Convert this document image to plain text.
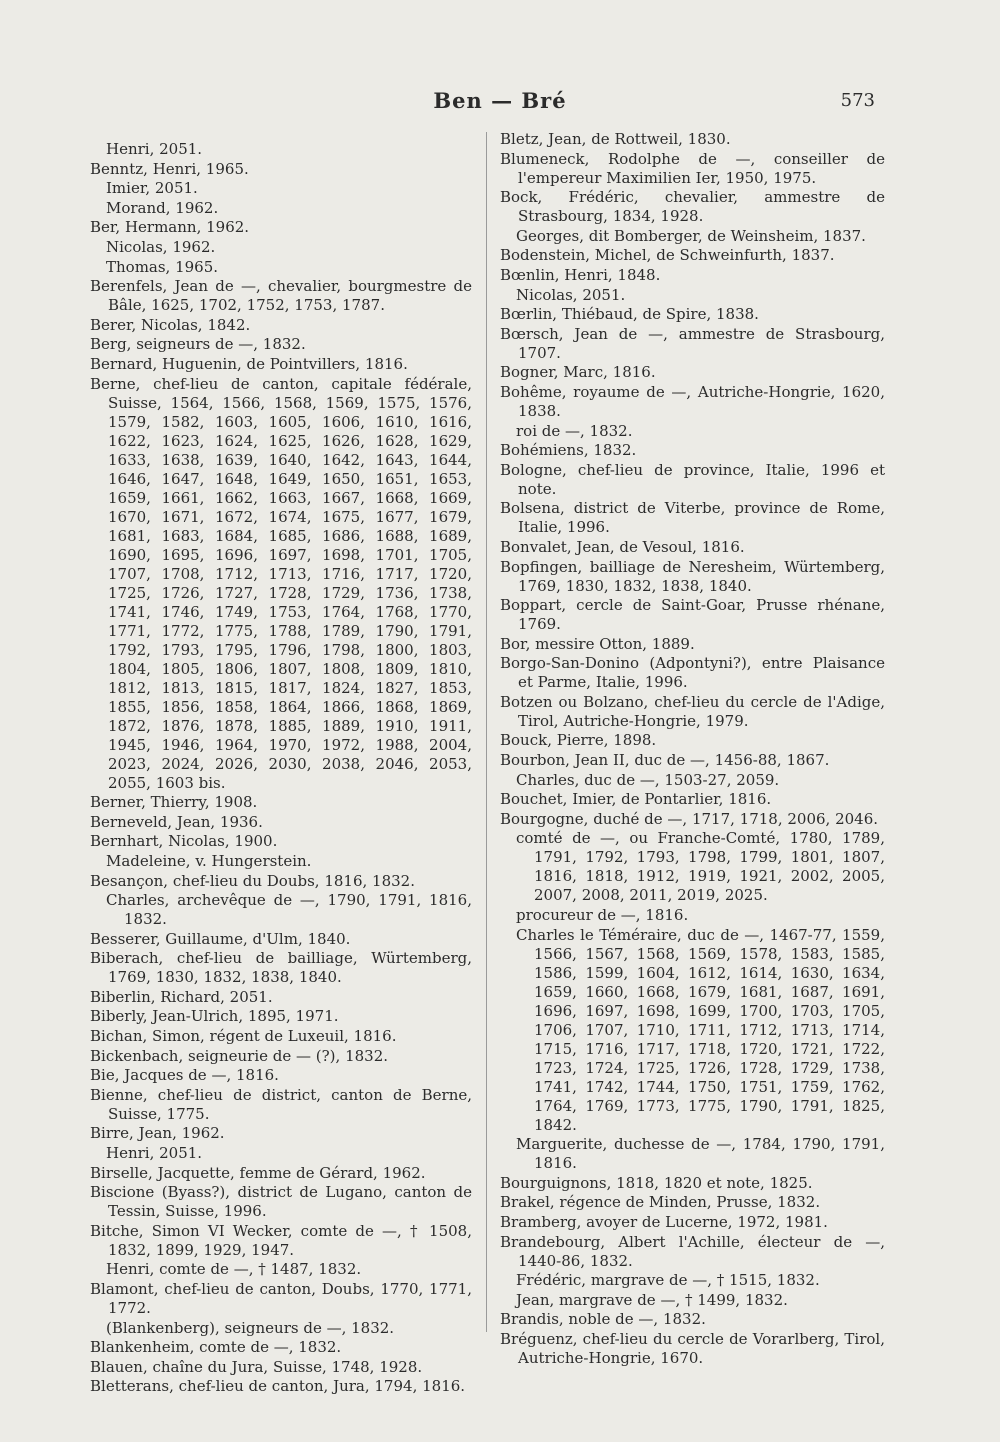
Ben — Bré	573
Henri, 2051.
Benntz, Henri, 1965.
Imier, 2051.
Morand, 1962.
Ber, Hermann, 1962.
Nicolas, 1962.
Thomas, 1965.
Berenfels, Jean de —, chevalier, bourgmestre de Bâle, 1625, 1702, 1752, 1753, 1787.
Berer, Nicolas, 1842.
Berg, seigneurs de —, 1832.
Bernard, Huguenin, de Pointvillers, 1816.
Berne, chef-lieu de canton, capitale fédérale, Suisse, 1564, 1566, 1568, 1569, 1575, 1576, 1579, 1582, 1603, 1605, 1606, 1610, 1616, 1622, 1623, 1624, 1625, 1626, 1628, 1629, 1633, 1638, 1639, 1640, 1642, 1643, 1644, 1646, 1647, 1648, 1649, 1650, 1651, 1653, 1659, 1661, 1662, 1663, 1667, 1668, 1669, 1670, 1671, 1672, 1674, 1675, 1677, 1679, 1681, 1683, 1684, 1685, 1686, 1688, 1689, 1690, 1695, 1696, 1697, 1698, 1701, 1705, 1707, 1708, 1712, 1713, 1716, 1717, 1720, 1725, 1726, 1727, 1728, 1729, 1736, 1738, 1741, 1746, 1749, 1753, 1764, 1768, 1770, 1771, 1772, 1775, 1788, 1789, 1790, 1791, 1792, 1793, 1795, 1796, 1798, 1800, 1803, 1804, 1805, 1806, 1807, 1808, 1809, 1810, 1812, 1813, 1815, 1817, 1824, 1827, 1853, 1855, 1856, 1858, 1864, 1866, 1868, 1869, 1872, 1876, 1878, 1885, 1889, 1910, 1911, 1945, 1946, 1964, 1970, 1972, 1988, 2004, 2023, 2024, 2026, 2030, 2038, 2046, 2053, 2055, 1603 bis.
Berner, Thierry, 1908.
Berneveld, Jean, 1936.
Bernhart, Nicolas, 1900.
Madeleine, v. Hungerstein.
Besançon, chef-lieu du Doubs, 1816, 1832.
Charles, archevêque de —, 1790, 1791, 1816, 1832.
Besserer, Guillaume, d'Ulm, 1840.
Biberach, chef-lieu de bailliage, Würtemberg, 1769, 1830, 1832, 1838, 1840.
Biberlin, Richard, 2051.
Biberly, Jean-Ulrich, 1895, 1971.
Bichan, Simon, régent de Luxeuil, 1816.
Bickenbach, seigneurie de — (?), 1832.
Bie, Jacques de —, 1816.
Bienne, chef-lieu de district, canton de Berne, Suisse, 1775.
Birre, Jean, 1962.
Henri, 2051.
Birselle, Jacquette, femme de Gérard, 1962.
Biscione (Byass?), district de Lugano, canton de Tessin, Suisse, 1996.
Bitche, Simon VI Wecker, comte de —, † 1508, 1832, 1899, 1929, 1947.
Henri, comte de —, † 1487, 1832.
Blamont, chef-lieu de canton, Doubs, 1770, 1771, 1772.
(Blankenberg), seigneurs de —, 1832.
Blankenheim, comte de —, 1832.
Blauen, chaîne du Jura, Suisse, 1748, 1928.
Bletterans, chef-lieu de canton, Jura, 1794, 1816.
Bletz, Jean, de Rottweil, 1830.
Blumeneck, Rodolphe de —, conseiller de l'empereur Maximilien Ier, 1950, 1975.
Bock, Frédéric, chevalier, ammestre de Strasbourg, 1834, 1928.
Georges, dit Bomberger, de Weinsheim, 1837.
Bodenstein, Michel, de Schweinfurth, 1837.
Bœnlin, Henri, 1848.
Nicolas, 2051.
Bœrlin, Thiébaud, de Spire, 1838.
Bœrsch, Jean de —, ammestre de Strasbourg, 1707.
Bogner, Marc, 1816.
Bohême, royaume de —, Autriche-Hongrie, 1620, 1838.
roi de —, 1832.
Bohémiens, 1832.
Bologne, chef-lieu de province, Italie, 1996 et note.
Bolsena, district de Viterbe, province de Rome, Italie, 1996.
Bonvalet, Jean, de Vesoul, 1816.
Bopfingen, bailliage de Neresheim, Würtemberg, 1769, 1830, 1832, 1838, 1840.
Boppart, cercle de Saint-Goar, Prusse rhénane, 1769.
Bor, messire Otton, 1889.
Borgo-San-Donino (Adpontyni?), entre Plaisance et Parme, Italie, 1996.
Botzen ou Bolzano, chef-lieu du cercle de l'Adige, Tirol, Autriche-Hongrie, 1979.
Bouck, Pierre, 1898.
Bourbon, Jean II, duc de —, 1456-88, 1867.
Charles, duc de —, 1503-27, 2059.
Bouchet, Imier, de Pontarlier, 1816.
Bourgogne, duché de —, 1717, 1718, 2006, 2046.
comté de —, ou Franche-Comté, 1780, 1789, 1791, 1792, 1793, 1798, 1799, 1801, 1807, 1816, 1818, 1912, 1919, 1921, 2002, 2005, 2007, 2008, 2011, 2019, 2025.
procureur de —, 1816.
Charles le Téméraire, duc de —, 1467-77, 1559, 1566, 1567, 1568, 1569, 1578, 1583, 1585, 1586, 1599, 1604, 1612, 1614, 1630, 1634, 1659, 1660, 1668, 1679, 1681, 1687, 1691, 1696, 1697, 1698, 1699, 1700, 1703, 1705, 1706, 1707, 1710, 1711, 1712, 1713, 1714, 1715, 1716, 1717, 1718, 1720, 1721, 1722, 1723, 1724, 1725, 1726, 1728, 1729, 1738, 1741, 1742, 1744, 1750, 1751, 1759, 1762, 1764, 1769, 1773, 1775, 1790, 1791, 1825, 1842.
Marguerite, duchesse de —, 1784, 1790, 1791, 1816.
Bourguignons, 1818, 1820 et note, 1825.
Brakel, régence de Minden, Prusse, 1832.
Bramberg, avoyer de Lucerne, 1972, 1981.
Brandebourg, Albert l'Achille, électeur de —, 1440-86, 1832.
Frédéric, margrave de —, † 1515, 1832.
Jean, margrave de —, † 1499, 1832.
Brandis, noble de —, 1832.
Bréguenz, chef-lieu du cercle de Vorarlberg, Tirol, Autriche-Hongrie, 1670.
